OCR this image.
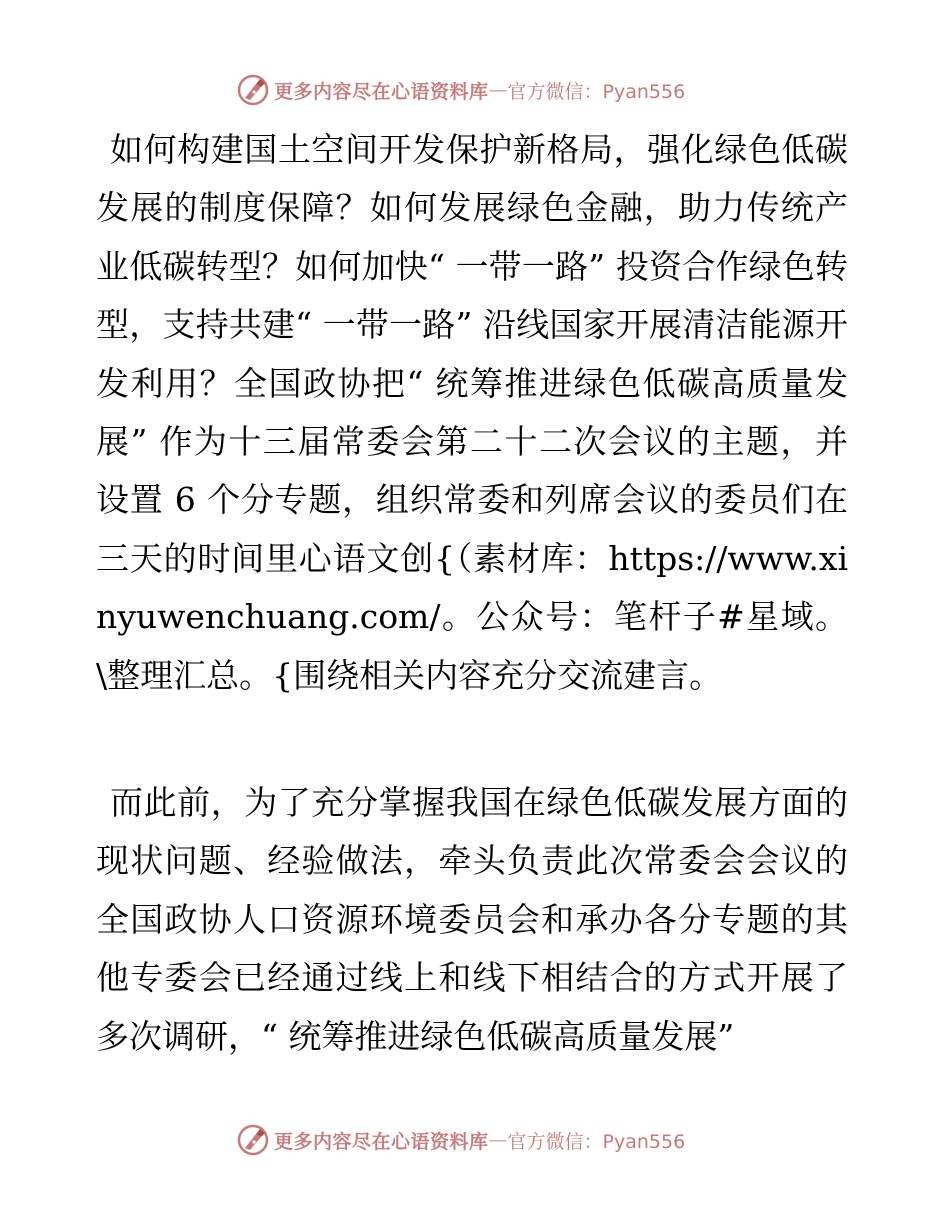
更多内容尽在心语资料库 — 官方微信：Pyan556

如何构建国土空间开发保护新格局，强化绿色低碳发展的制度保障？如何发展绿色金融，助力传统产业低碳转型？如何加快“ 一带一路” 投资合作绿色转型，支持共建“ 一带一路” 沿线国家开展清洁能源开发利用？全国政协把“ 统筹推进绿色低碳高质量发展” 作为十三届常委会第二十二次会议的主题，并设置 6 个分专题，组织常委和列席会议的委员们在三天的时间里心语文创{（素材库：https://www.xinyuwenchuang.com/。公众号：笔杆子#星域。\整理汇总。{围绕相关内容充分交流建言。

而此前，为了充分掌握我国在绿色低碳发展方面的现状问题、经验做法，牵头负责此次常委会会议的全国政协人口资源环境委员会和承办各分专题的其他专委会已经通过线上和线下相结合的方式开展了多次调研，“ 统筹推进绿色低碳高质量发展”

更多内容尽在心语资料库 — 官方微信：Pyan556
